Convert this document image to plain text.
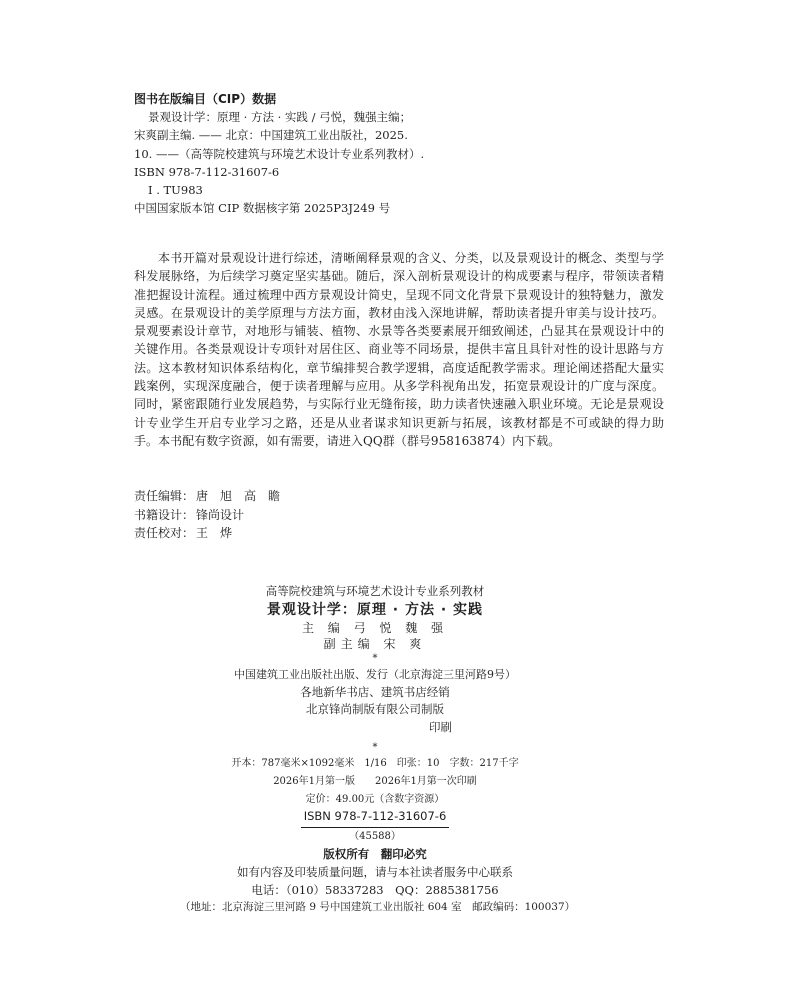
图书在版编目（CIP）数据
景观设计学：原理 · 方法 · 实践 / 弓悦，魏强主编；
宋爽副主编. —— 北京：中国建筑工业出版社，2025.
10. ——（高等院校建筑与环境艺术设计专业系列教材）.
ISBN 978-7-112-31607-6
Ⅰ . TU983
中国国家版本馆 CIP 数据核字第 2025P3J249 号

本书开篇对景观设计进行综述，清晰阐释景观的含义、分类，以及景观设计的概念、类型与学科发展脉络，为后续学习奠定坚实基础。随后，深入剖析景观设计的构成要素与程序，带领读者精准把握设计流程。通过梳理中西方景观设计简史，呈现不同文化背景下景观设计的独特魅力，激发灵感。在景观设计的美学原理与方法方面，教材由浅入深地讲解，帮助读者提升审美与设计技巧。景观要素设计章节，对地形与铺装、植物、水景等各类要素展开细致阐述，凸显其在景观设计中的关键作用。各类景观设计专项针对居住区、商业等不同场景，提供丰富且具针对性的设计思路与方法。这本教材知识体系结构化，章节编排契合教学逻辑，高度适配教学需求。理论阐述搭配大量实践案例，实现深度融合，便于读者理解与应用。从多学科视角出发，拓宽景观设计的广度与深度。同时，紧密跟随行业发展趋势，与实际行业无缝衔接，助力读者快速融入职业环境。无论是景观设计专业学生开启专业学习之路，还是从业者谋求知识更新与拓展，该教材都是不可或缺的得力助手。本书配有数字资源，如有需要，请进入QQ群（群号958163874）内下载。

责任编辑： 唐　旭　高　瞻
书籍设计： 锋尚设计
责任校对： 王　烨
高等院校建筑与环境艺术设计专业系列教材
景观设计学：原理 · 方法 · 实践
主 编 弓 悦 魏 强
副主编 宋 爽
*
中国建筑工业出版社出版、发行（北京海淀三里河路9号）
各地新华书店、建筑书店经销
北京锋尚制版有限公司制版
印刷
*
开本：787毫米×1092毫米　1/16　印张：10　字数：217千字
2026年1月第一版　　2026年1月第一次印刷
定价：49.00元（含数字资源）
ISBN 978-7-112-31607-6
（45588）
版权所有　翻印必究
如有内容及印装质量问题，请与本社读者服务中心联系
电话：（010）58337283　QQ：2885381756
（地址：北京海淀三里河路 9 号中国建筑工业出版社 604 室　邮政编码：100037）
